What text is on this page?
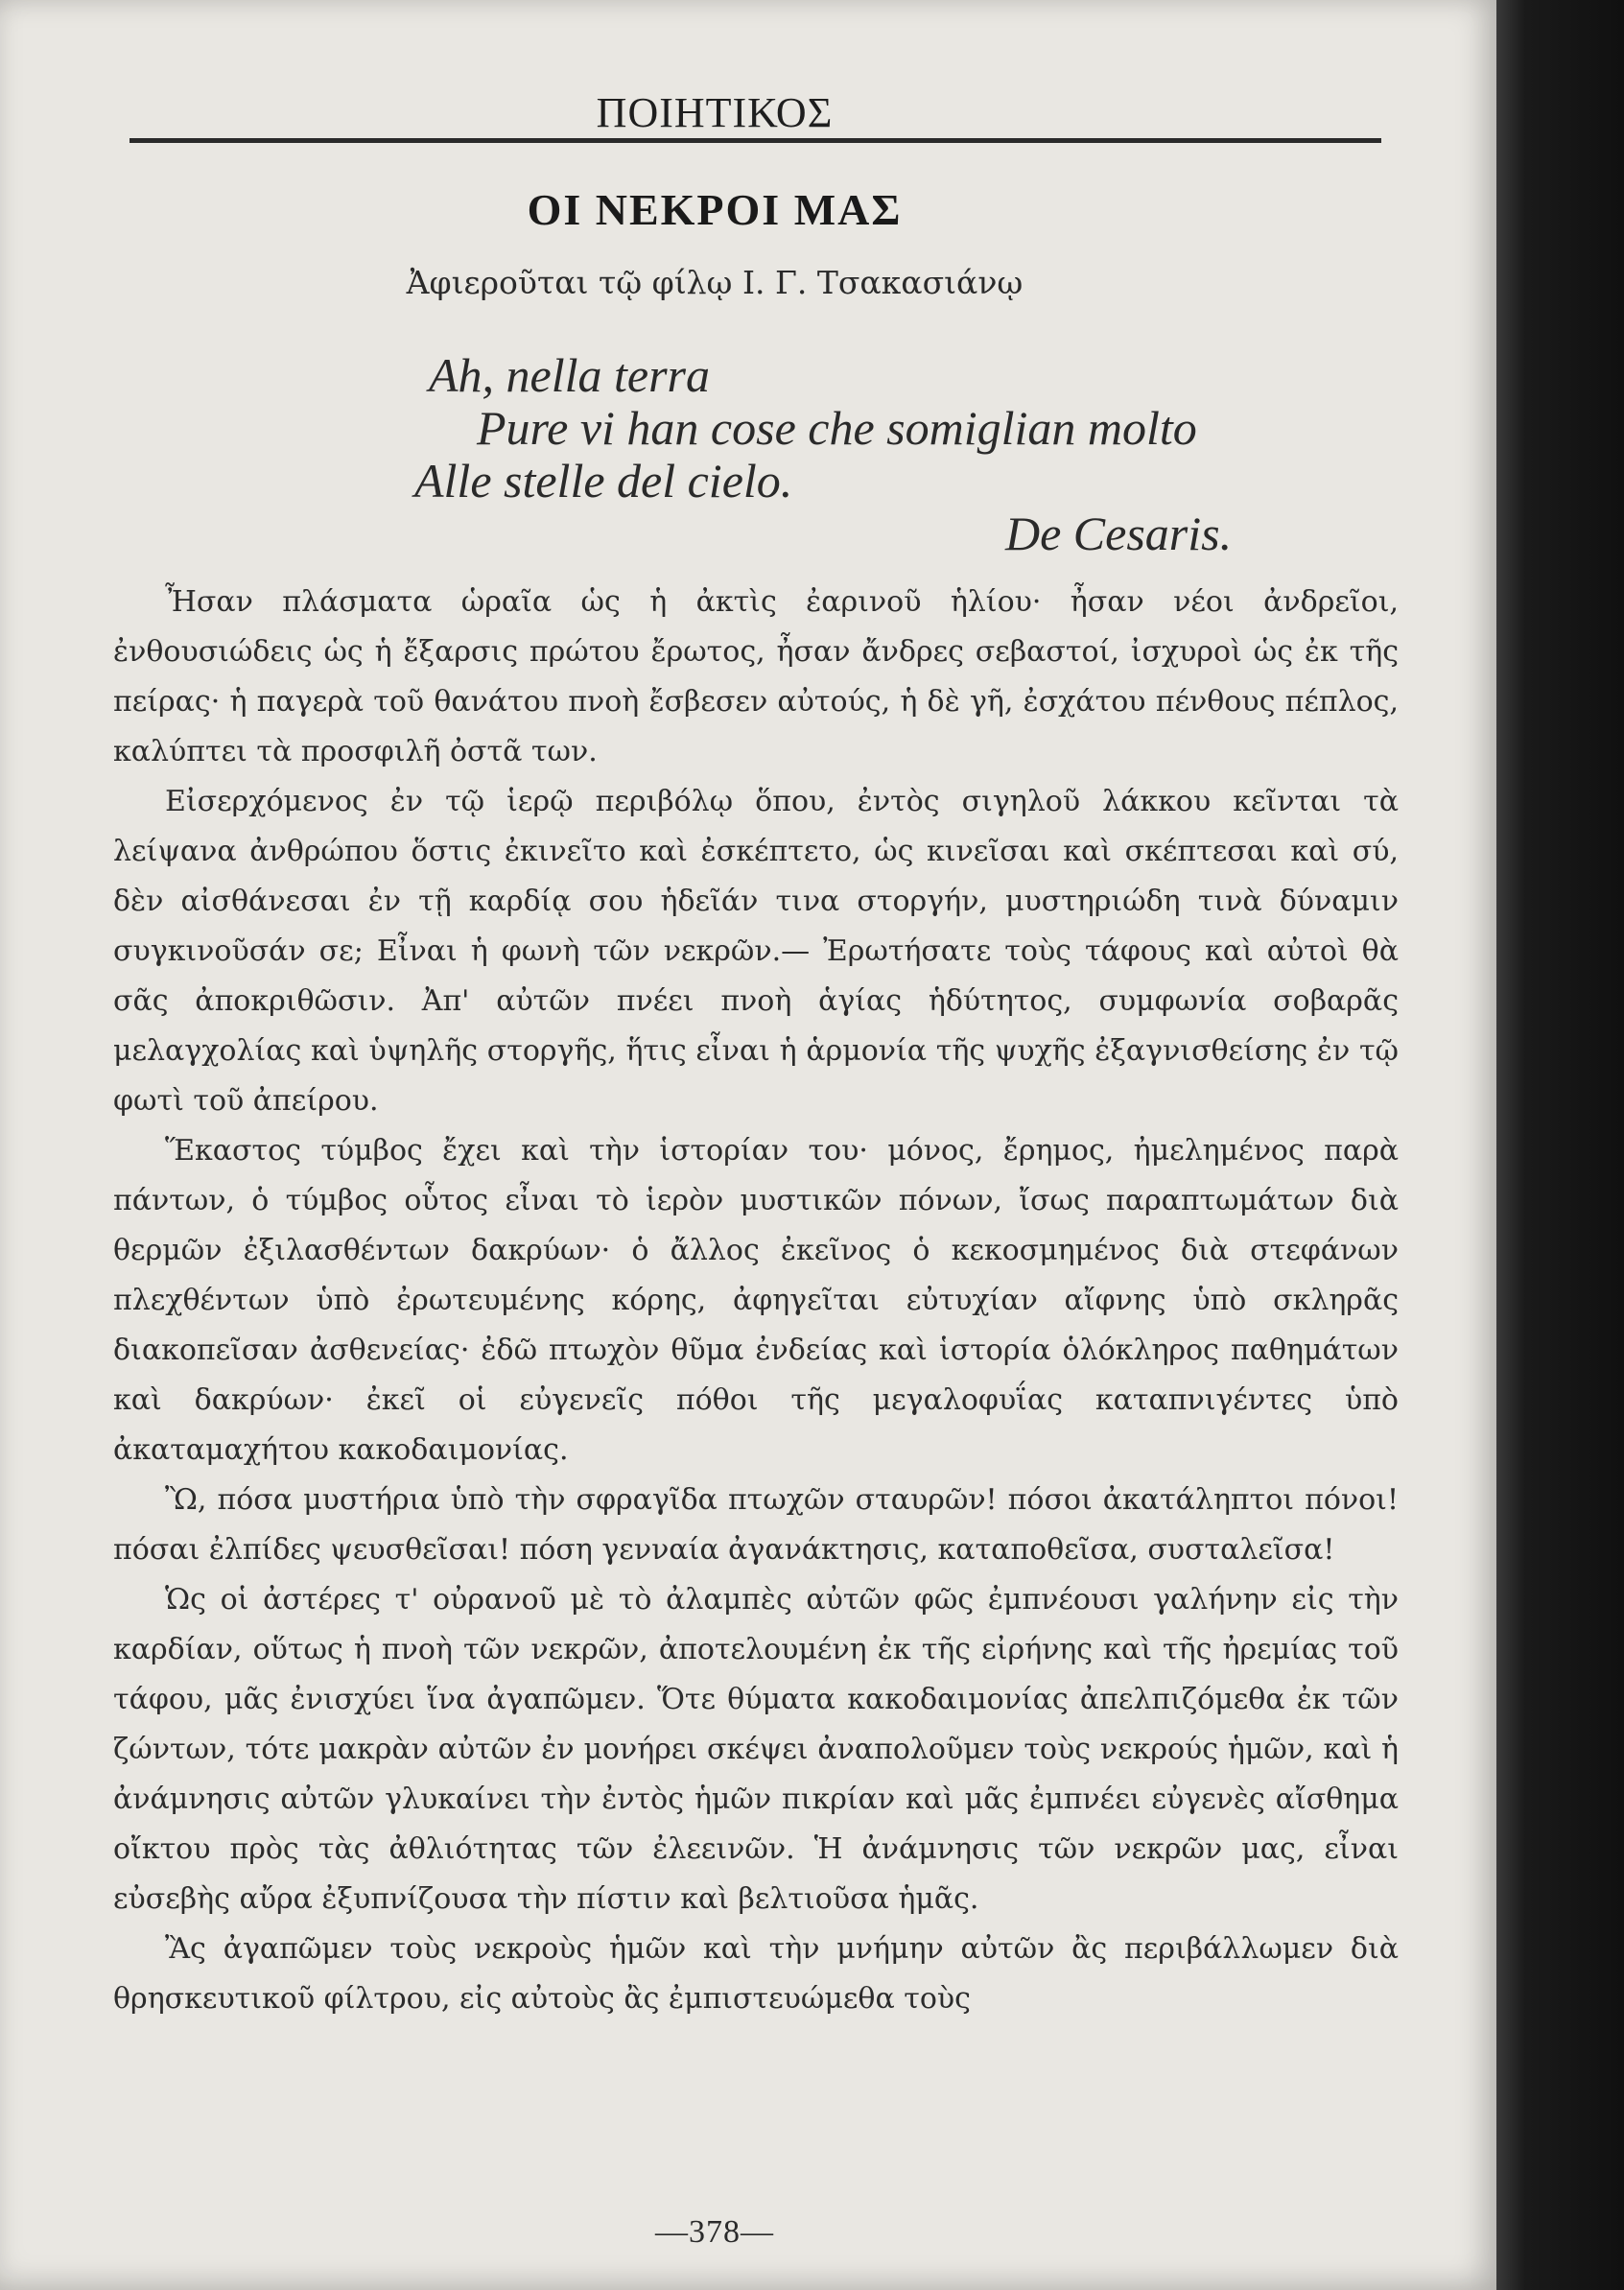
ΠΟΙΗΤΙΚΟΣ
ΟΙ ΝΕΚΡΟΙ ΜΑΣ
Ἀφιεροῦται τῷ φίλῳ Ι. Γ. Τσακασιάνῳ
Ah, nella terra
Pure vi han cose che somiglian molto
Alle stelle del cielo.
De Cesaris.

Ἦσαν πλάσματα ὡραῖα ὡς ἡ ἀκτὶς ἐαρινοῦ ἡλίου· ἦσαν νέοι ἀνδρεῖοι, ἐνθουσιώδεις ὡς ἡ ἔξαρσις πρώτου ἔρωτος, ἦσαν ἄνδρες σεβαστοί, ἰσχυροὶ ὡς ἐκ τῆς πείρας· ἡ παγερὰ τοῦ θανάτου πνοὴ ἔσβεσεν αὐτούς, ἡ δὲ γῆ, ἐσχάτου πένθους πέπλος, καλύπτει τὰ προσφιλῆ ὀστᾶ των.

Εἰσερχόμενος ἐν τῷ ἱερῷ περιβόλῳ ὅπου, ἐντὸς σιγηλοῦ λάκκου κεῖνται τὰ λείψανα ἀνθρώπου ὅστις ἐκινεῖτο καὶ ἐσκέπτετο, ὡς κινεῖσαι καὶ σκέπτεσαι καὶ σύ, δὲν αἰσθάνεσαι ἐν τῇ καρδίᾳ σου ἡδεῖάν τινα στοργήν, μυστηριώδη τινὰ δύναμιν συγκινοῦσάν σε; Εἶναι ἡ φωνὴ τῶν νεκρῶν.— Ἐρωτήσατε τοὺς τάφους καὶ αὐτοὶ θὰ σᾶς ἀποκριθῶσιν. Ἀπ' αὐτῶν πνέει πνοὴ ἁγίας ἡδύτητος, συμφωνία σοβαρᾶς μελαγχολίας καὶ ὑψηλῆς στοργῆς, ἥτις εἶναι ἡ ἁρμονία τῆς ψυχῆς ἐξαγνισθείσης ἐν τῷ φωτὶ τοῦ ἀπείρου.

Ἕκαστος τύμβος ἔχει καὶ τὴν ἱστορίαν του· μόνος, ἔρημος, ἠμελημένος παρὰ πάντων, ὁ τύμβος οὗτος εἶναι τὸ ἱερὸν μυστικῶν πόνων, ἴσως παραπτωμάτων διὰ θερμῶν ἐξιλασθέντων δακρύων· ὁ ἄλλος ἐκεῖνος ὁ κεκοσμημένος διὰ στεφάνων πλεχθέντων ὑπὸ ἐρωτευμένης κόρης, ἀφηγεῖται εὐτυχίαν αἴφνης ὑπὸ σκληρᾶς διακοπεῖσαν ἀσθενείας· ἐδῶ πτωχὸν θῦμα ἐνδείας καὶ ἱστορία ὁλόκληρος παθημάτων καὶ δακρύων· ἐκεῖ οἱ εὐγενεῖς πόθοι τῆς μεγαλοφυΐας καταπνιγέντες ὑπὸ ἀκαταμαχήτου κακοδαιμονίας.

Ὢ, πόσα μυστήρια ὑπὸ τὴν σφραγῖδα πτωχῶν σταυρῶν! πόσοι ἀκατάληπτοι πόνοι! πόσαι ἐλπίδες ψευσθεῖσαι! πόση γενναία ἀγανάκτησις, καταποθεῖσα, συσταλεῖσα!

Ὡς οἱ ἀστέρες τ' οὐρανοῦ μὲ τὸ ἀλαμπὲς αὐτῶν φῶς ἐμπνέουσι γαλήνην εἰς τὴν καρδίαν, οὕτως ἡ πνοὴ τῶν νεκρῶν, ἀποτελουμένη ἐκ τῆς εἰρήνης καὶ τῆς ἠρεμίας τοῦ τάφου, μᾶς ἐνισχύει ἵνα ἀγαπῶμεν. Ὅτε θύματα κακοδαιμονίας ἀπελπιζόμεθα ἐκ τῶν ζώντων, τότε μακρὰν αὐτῶν ἐν μονήρει σκέψει ἀναπολοῦμεν τοὺς νεκρούς ἡμῶν, καὶ ἡ ἀνάμνησις αὐτῶν γλυκαίνει τὴν ἐντὸς ἡμῶν πικρίαν καὶ μᾶς ἐμπνέει εὐγενὲς αἴσθημα οἴκτου πρὸς τὰς ἀθλιότητας τῶν ἐλεεινῶν. Ἡ ἀνάμνησις τῶν νεκρῶν μας, εἶναι εὐσεβὴς αὔρα ἐξυπνίζουσα τὴν πίστιν καὶ βελτιοῦσα ἡμᾶς.

Ἂς ἀγαπῶμεν τοὺς νεκροὺς ἡμῶν καὶ τὴν μνήμην αὐτῶν ἂς περιβάλλωμεν διὰ θρησκευτικοῦ φίλτρου, εἰς αὐτοὺς ἂς ἐμπιστευώμεθα τοὺς

—378—
